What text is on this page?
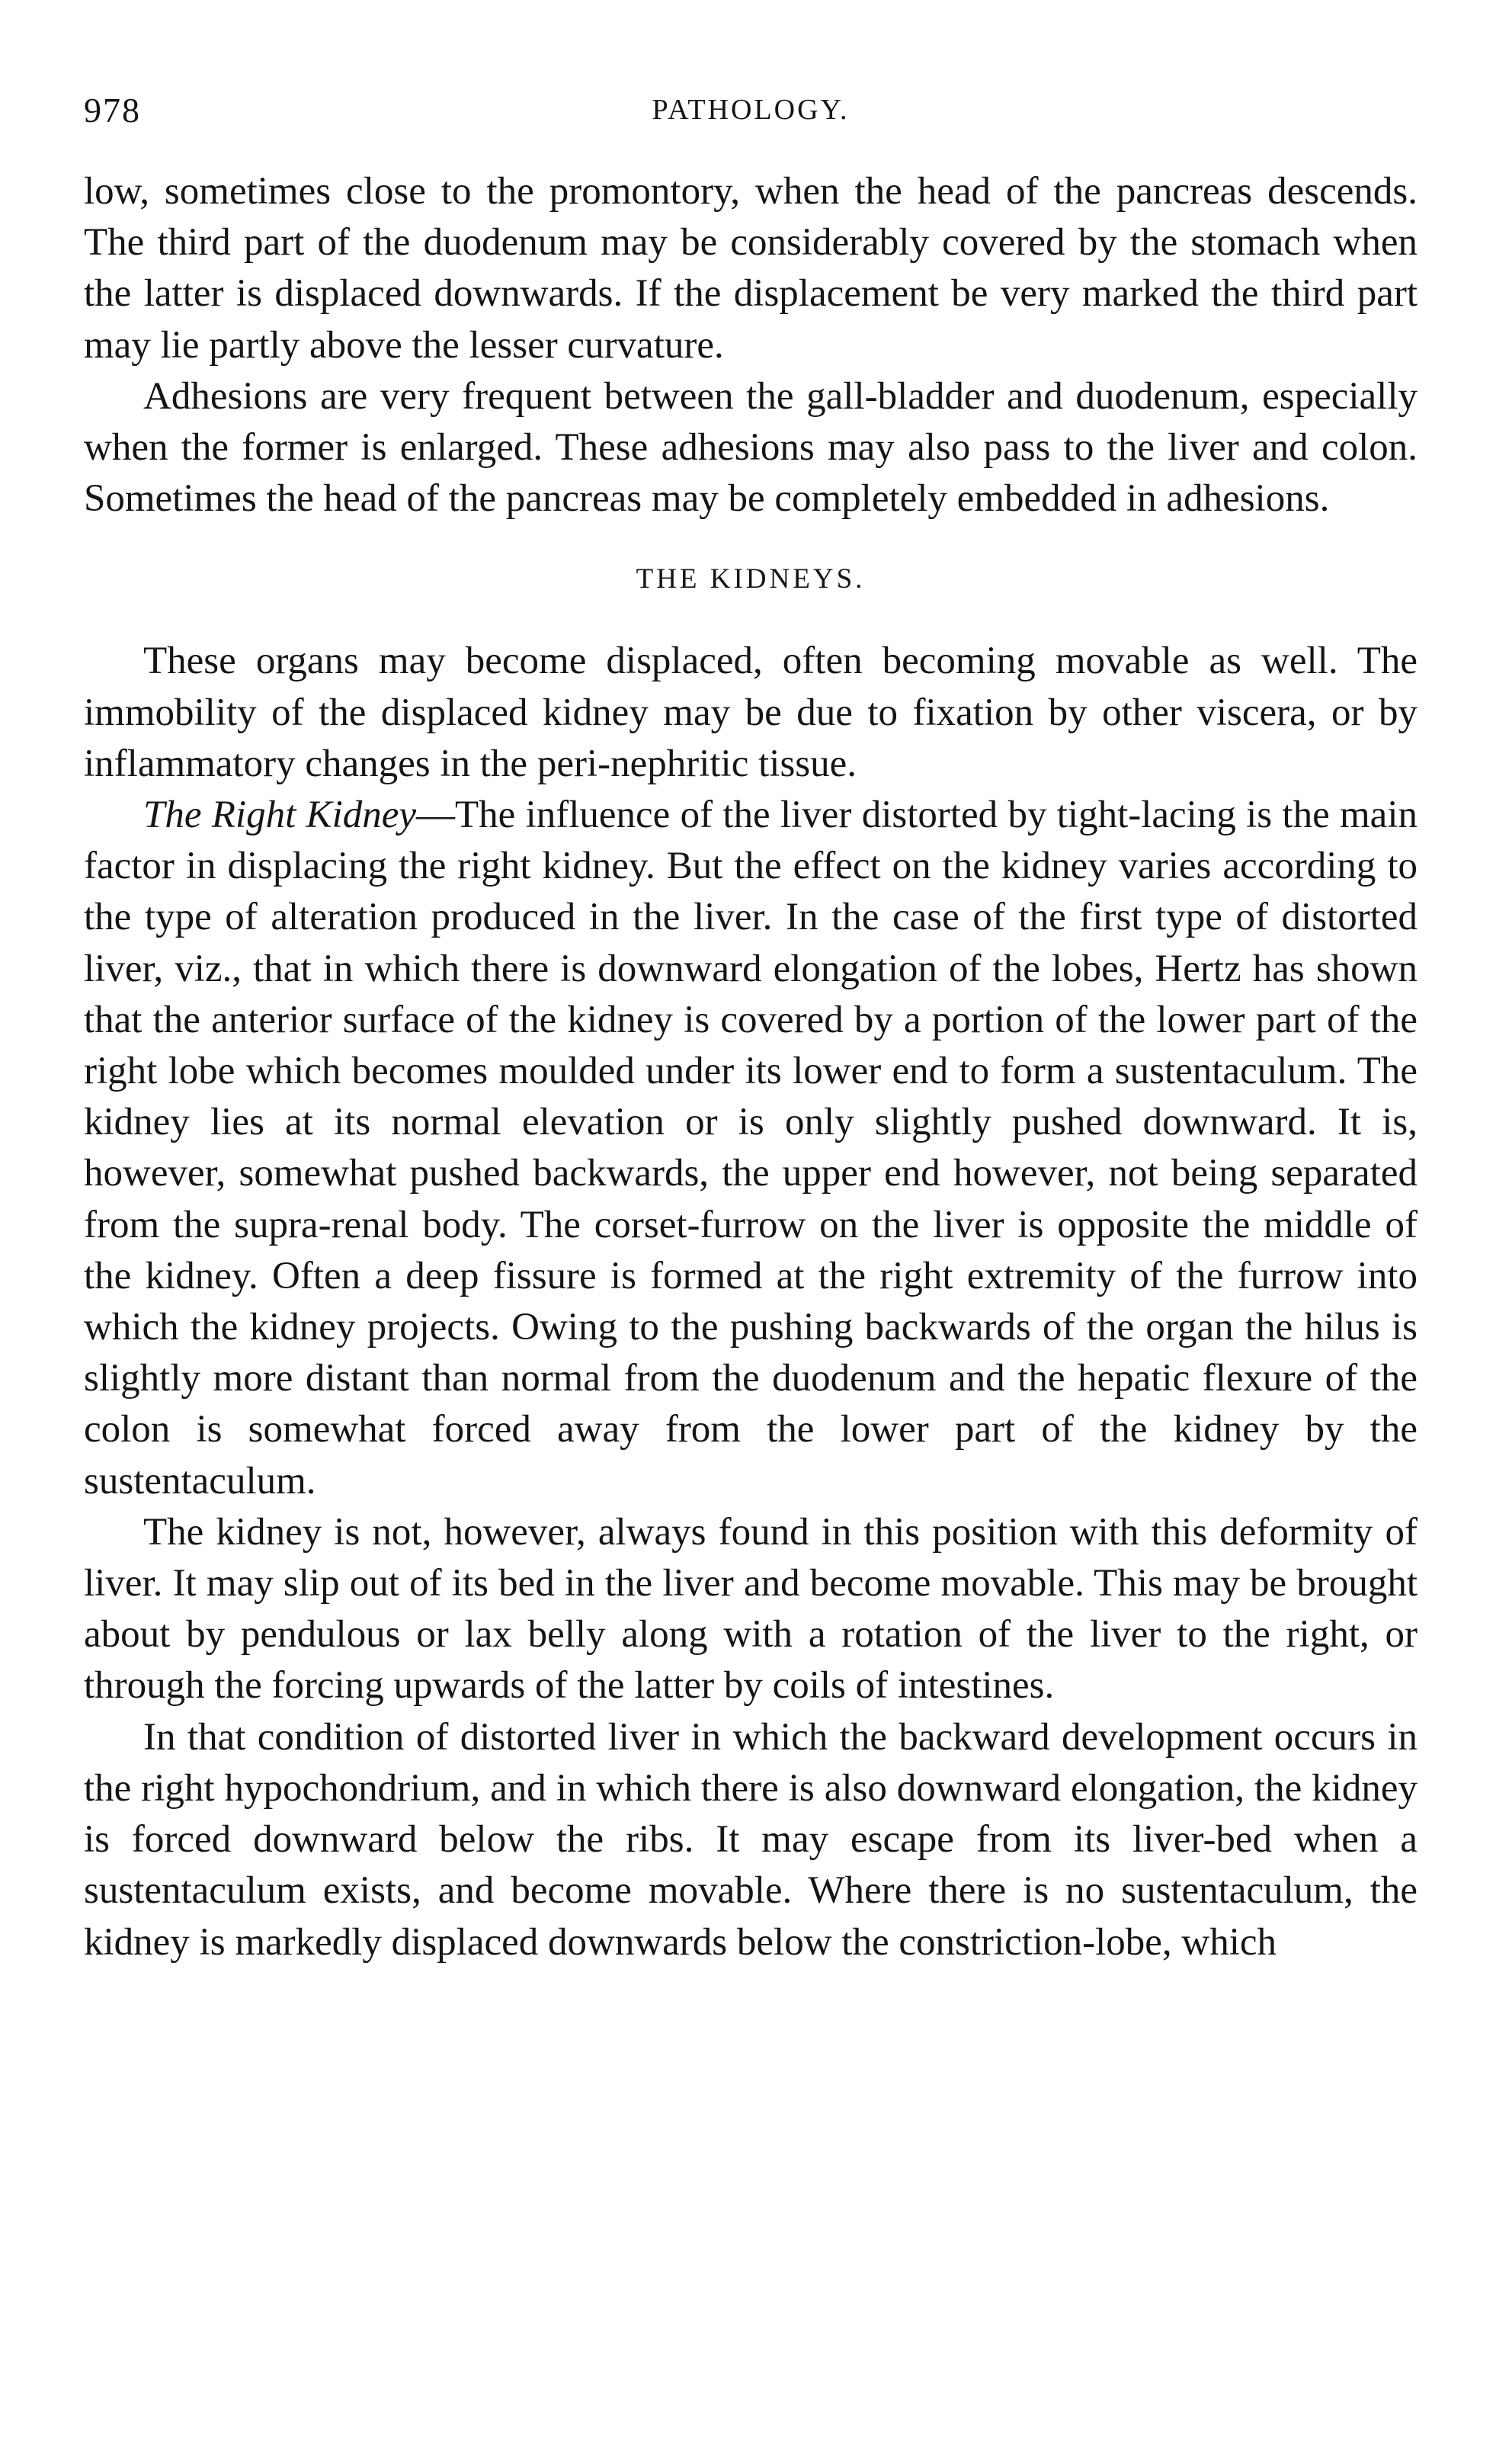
978	PATHOLOGY.

low, sometimes close to the promontory, when the head of the pancreas descends. The third part of the duodenum may be considerably covered by the stomach when the latter is displaced downwards. If the displacement be very marked the third part may lie partly above the lesser curvature.

Adhesions are very frequent between the gall-bladder and duodenum, especially when the former is enlarged. These adhesions may also pass to the liver and colon. Sometimes the head of the pancreas may be completely embedded in adhesions.

THE KIDNEYS.

These organs may become displaced, often becoming movable as well. The immobility of the displaced kidney may be due to fixation by other viscera, or by inflammatory changes in the peri-nephritic tissue.

The Right Kidney—The influence of the liver distorted by tight-lacing is the main factor in displacing the right kidney. But the effect on the kidney varies according to the type of alteration produced in the liver. In the case of the first type of distorted liver, viz., that in which there is downward elongation of the lobes, Hertz has shown that the anterior surface of the kidney is covered by a portion of the lower part of the right lobe which becomes moulded under its lower end to form a sustentaculum. The kidney lies at its normal elevation or is only slightly pushed downward. It is, however, somewhat pushed backwards, the upper end however, not being separated from the supra-renal body. The corset-furrow on the liver is opposite the middle of the kidney. Often a deep fissure is formed at the right extremity of the furrow into which the kidney projects. Owing to the pushing backwards of the organ the hilus is slightly more distant than normal from the duodenum and the hepatic flexure of the colon is somewhat forced away from the lower part of the kidney by the sustentaculum.

The kidney is not, however, always found in this position with this deformity of liver. It may slip out of its bed in the liver and become movable. This may be brought about by pendulous or lax belly along with a rotation of the liver to the right, or through the forcing upwards of the latter by coils of intestines.

In that condition of distorted liver in which the backward development occurs in the right hypochondrium, and in which there is also downward elongation, the kidney is forced downward below the ribs. It may escape from its liver-bed when a sustentaculum exists, and become movable. Where there is no sustentaculum, the kidney is markedly displaced downwards below the constriction-lobe, which
